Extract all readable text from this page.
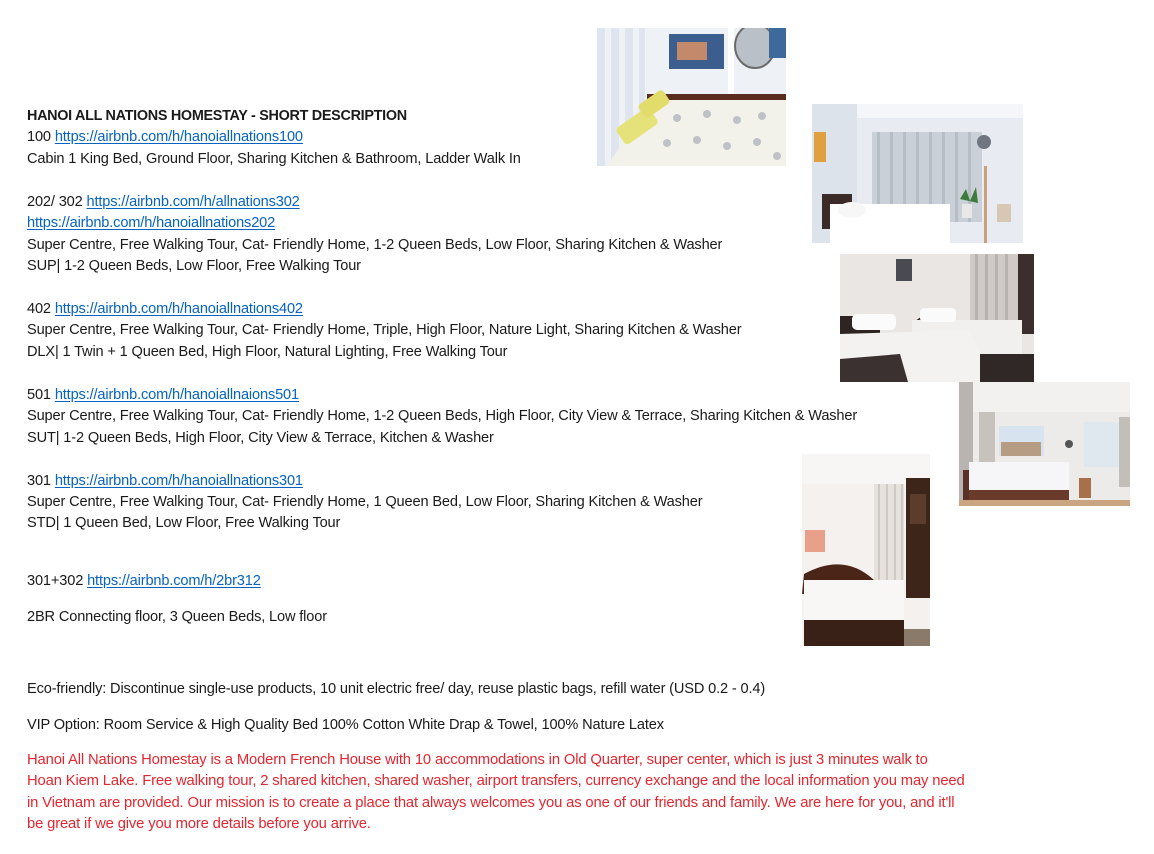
HANOI ALL NATIONS HOMESTAY - SHORT DESCRIPTION
100 https://airbnb.com/h/hanoiallnations100
Cabin 1 King Bed, Ground Floor, Sharing Kitchen & Bathroom, Ladder Walk In
202/ 302 https://airbnb.com/h/allnations302
https://airbnb.com/h/hanoiallnations202
Super Centre, Free Walking Tour, Cat- Friendly Home, 1-2 Queen Beds, Low Floor, Sharing Kitchen & Washer
SUP| 1-2 Queen Beds, Low Floor, Free Walking Tour
402 https://airbnb.com/h/hanoiallnations402
Super Centre, Free Walking Tour, Cat- Friendly Home, Triple, High Floor, Nature Light, Sharing Kitchen & Washer
DLX| 1 Twin + 1 Queen Bed, High Floor, Natural Lighting, Free Walking Tour
501 https://airbnb.com/h/hanoiallnaions501
Super Centre, Free Walking Tour, Cat- Friendly Home, 1-2 Queen Beds, High Floor, City View & Terrace, Sharing Kitchen & Washer
SUT| 1-2 Queen Beds, High Floor, City View & Terrace, Kitchen & Washer
301 https://airbnb.com/h/hanoiallnations301
Super Centre, Free Walking Tour, Cat- Friendly Home, 1 Queen Bed, Low Floor, Sharing Kitchen & Washer
STD| 1 Queen Bed, Low Floor, Free Walking Tour
301+302 https://airbnb.com/h/2br312
2BR Connecting floor, 3 Queen Beds, Low floor
Eco-friendly: Discontinue single-use products, 10 unit electric free/ day, reuse plastic bags, refill water (USD 0.2 - 0.4)
VIP Option: Room Service & High Quality Bed 100% Cotton White Drap & Towel, 100% Nature Latex
Hanoi All Nations Homestay is a Modern French House with 10 accommodations in Old Quarter, super center, which is just 3 minutes walk to
Hoan Kiem Lake. Free walking tour, 2 shared kitchen, shared washer, airport transfers, currency exchange and the local information you may need
in Vietnam are provided. Our mission is to create a place that always welcomes you as one of our friends and family. We are here for you, and it'll
be great if we give you more details before you arrive.
